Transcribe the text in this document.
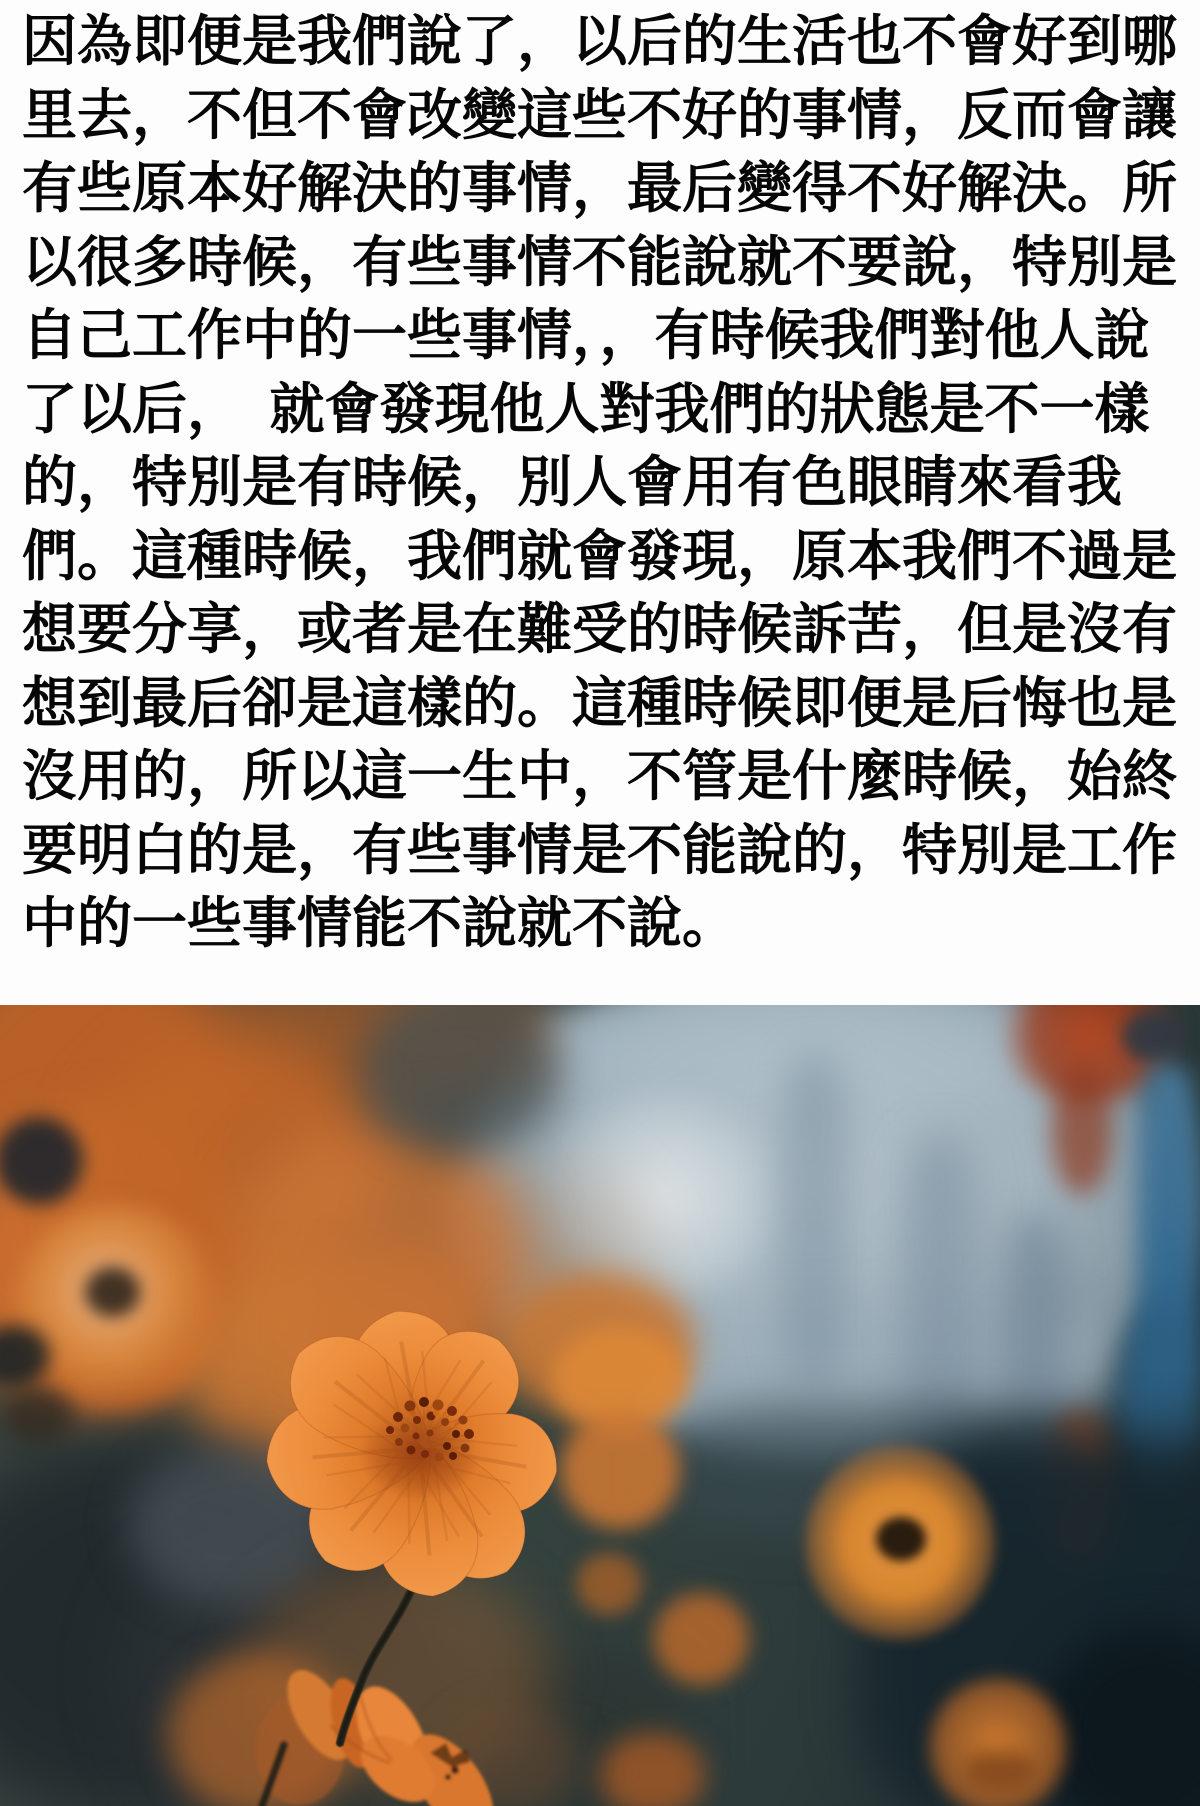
因為即便是我們說了，以后的生活也不會好到哪
里去，不但不會改變這些不好的事情，反而會讓
有些原本好解決的事情，最后變得不好解決。所
以很多時候，有些事情不能說就不要說，特別是
自己工作中的一些事情，，有時候我們對他人說
了以后，　就會發現他人對我們的狀態是不一樣
的，特別是有時候，別人會用有色眼睛來看我
們。這種時候，我們就會發現，原本我們不過是
想要分享，或者是在難受的時候訴苦，但是沒有
想到最后卻是這樣的。這種時候即便是后悔也是
沒用的，所以這一生中，不管是什麼時候，始終
要明白的是，有些事情是不能說的，特別是工作
中的一些事情能不說就不說。
